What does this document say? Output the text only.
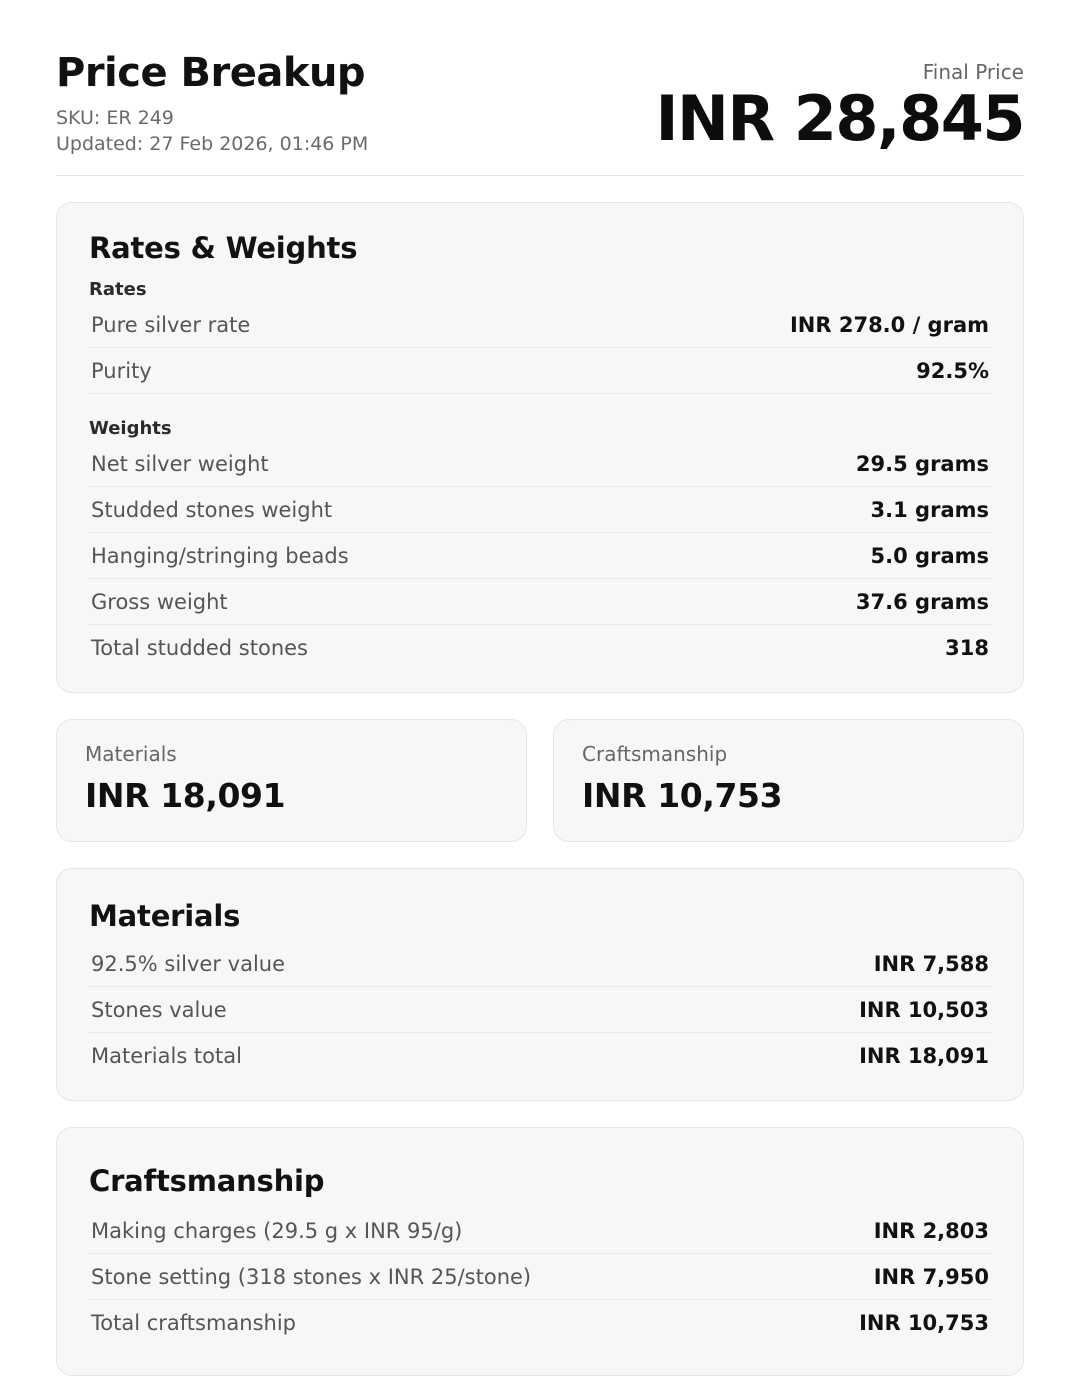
Price Breakup
SKU: ER 249
Updated: 27 Feb 2026, 01:46 PM
Final Price
INR 28,845
Rates & Weights
Rates
Pure silver rate	INR 278.0 / gram
Purity	92.5%
Weights
Net silver weight	29.5 grams
Studded stones weight	3.1 grams
Hanging/stringing beads	5.0 grams
Gross weight	37.6 grams
Total studded stones	318
Materials
INR 18,091
Craftsmanship
INR 10,753
Materials
92.5% silver value	INR 7,588
Stones value	INR 10,503
Materials total	INR 18,091
Craftsmanship
Making charges (29.5 g x INR 95/g)	INR 2,803
Stone setting (318 stones x INR 25/stone)	INR 7,950
Total craftsmanship	INR 10,753
